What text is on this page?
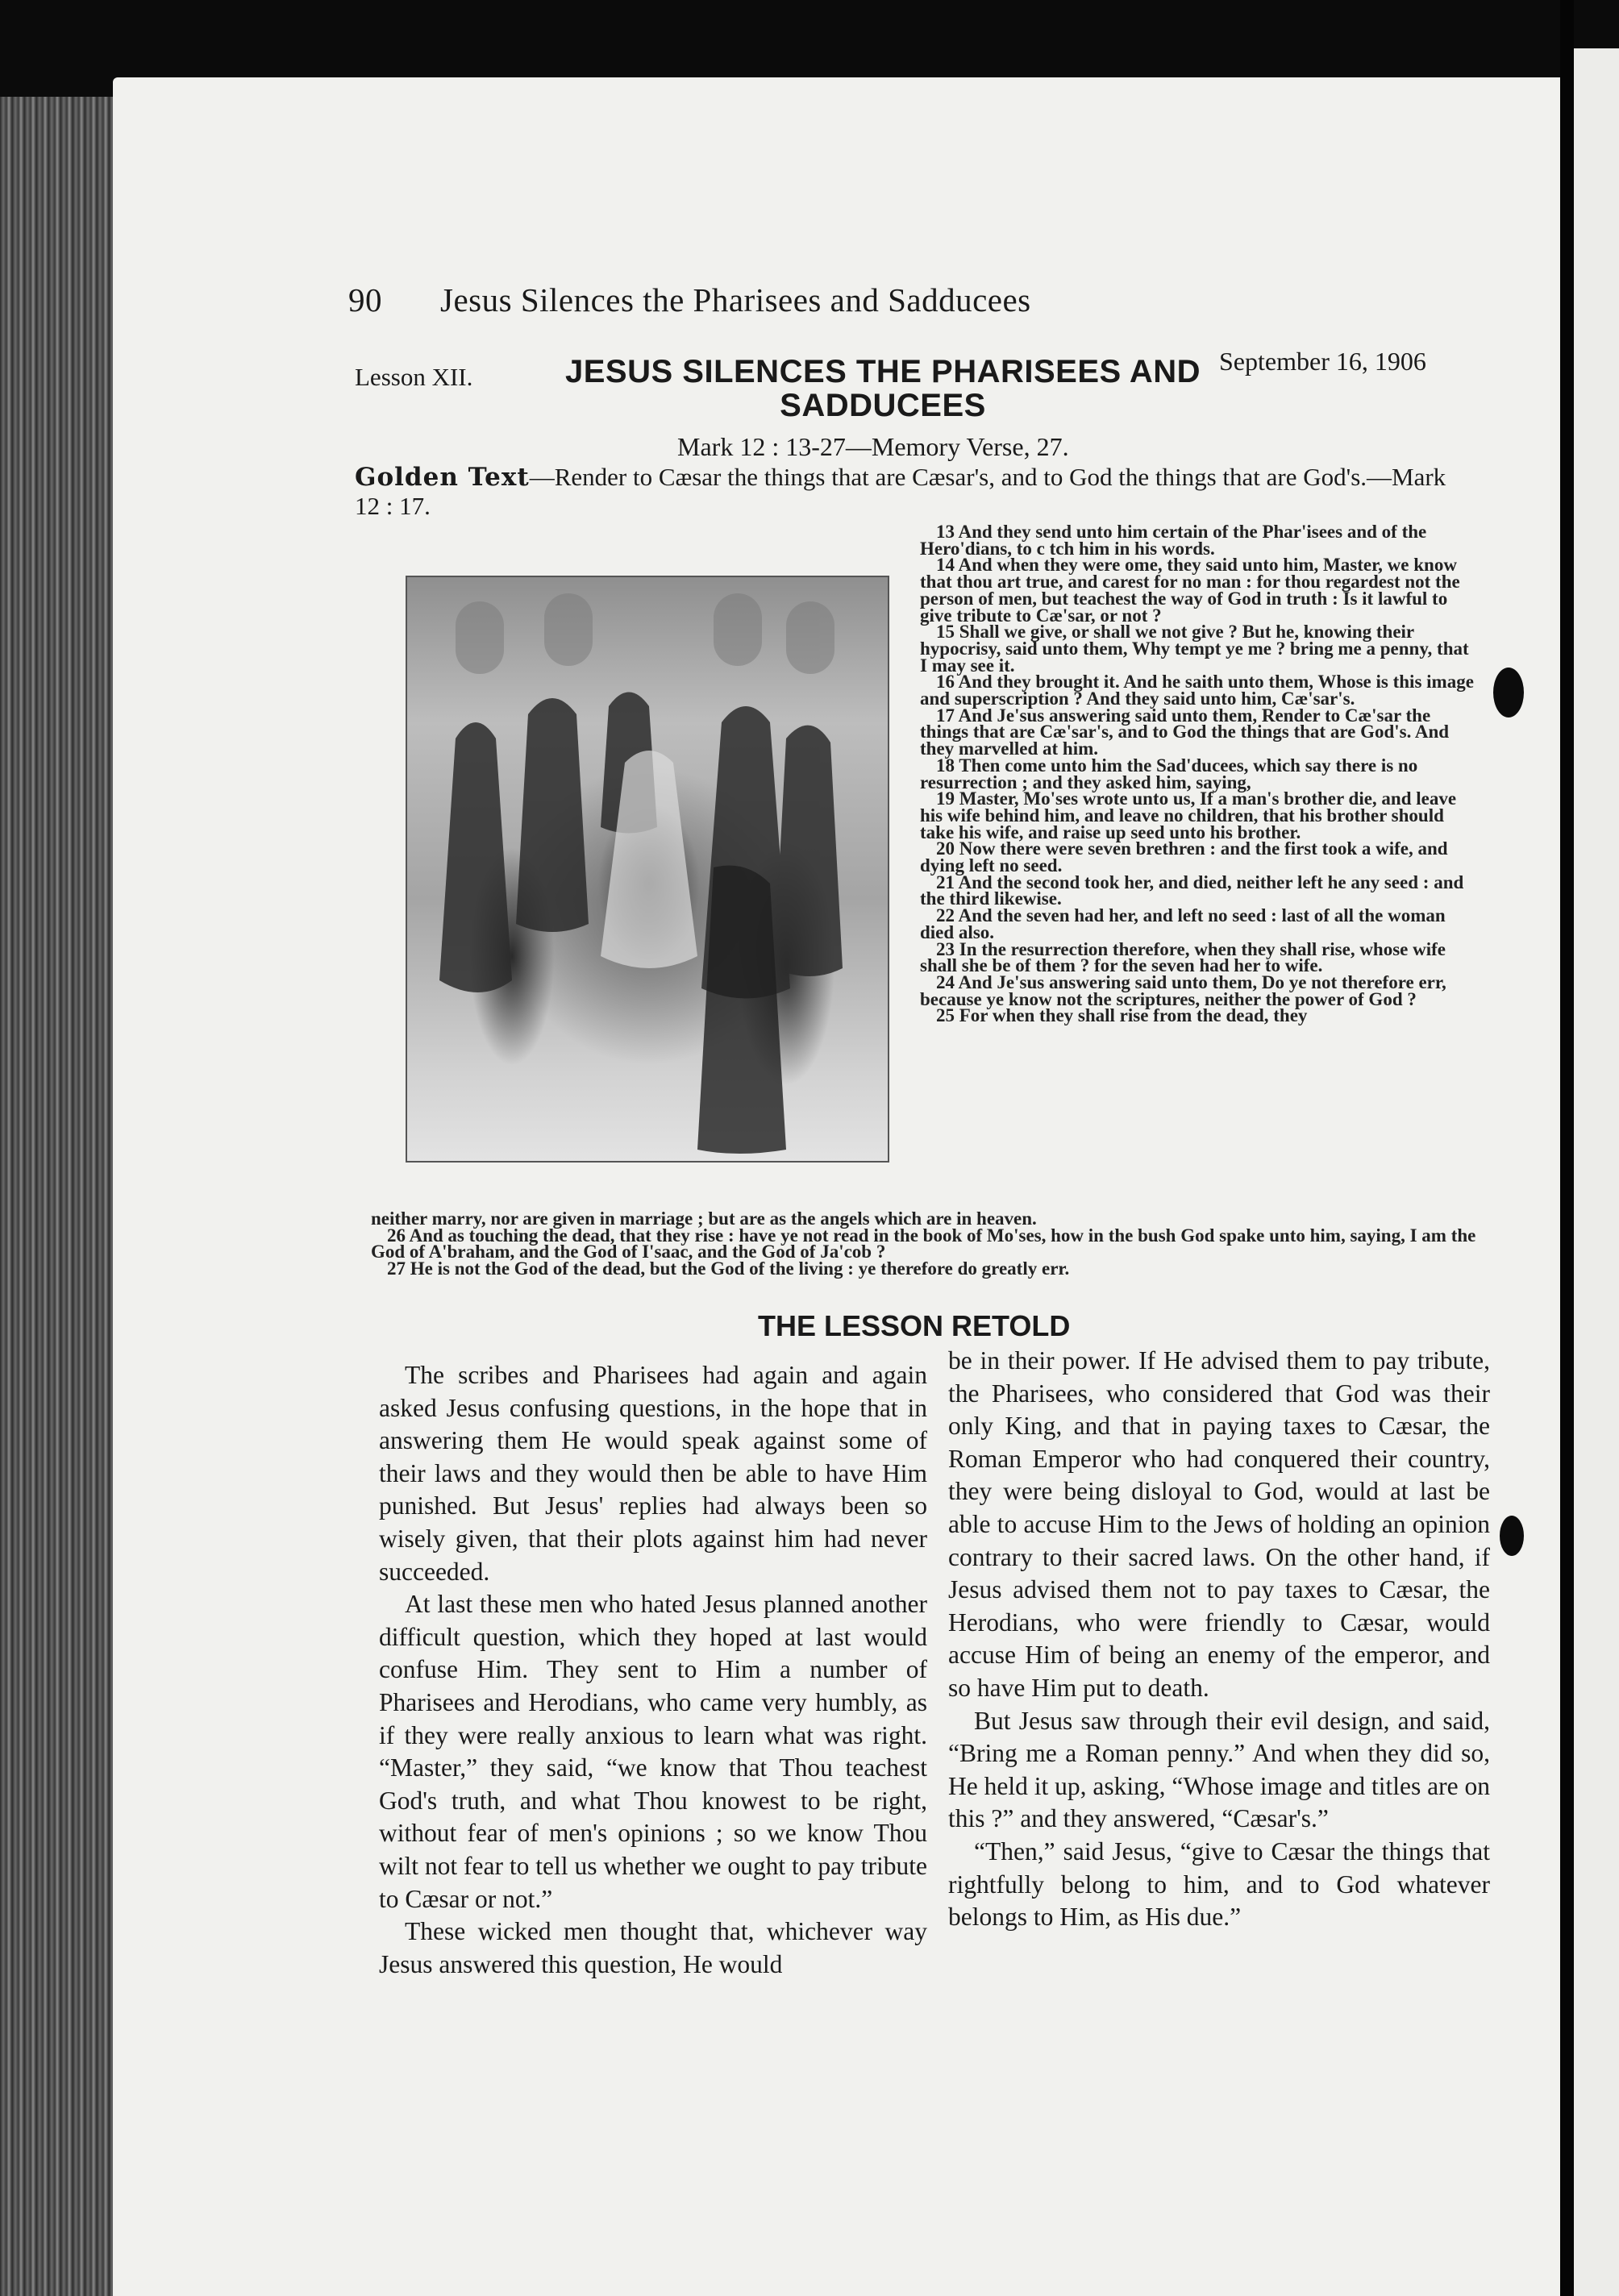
90 Jesus Silences the Pharisees and Sadducees
Lesson XII.	JESUS SILENCES THE PHARISEES AND SADDUCEES
September 16, 1906
Mark 12 : 13-27—Memory Verse, 27.
Golden Text—Render to Cæsar the things that are Cæsar's, and to God the things that are God's.—Mark 12 : 17.

13 And they send unto him certain of the Phar'isees and of the Hero'dians, to c tch him in his words.

14 And when they were ome, they said unto him, Master, we know that thou art true, and carest for no man : for thou regardest not the person of men, but teachest the way of God in truth : Is it lawful to give tribute to Cæ'sar, or not ?

15 Shall we give, or shall we not give ? But he, knowing their hypocrisy, said unto them, Why tempt ye me ? bring me a penny, that I may see it.

16 And they brought it. And he saith unto them, Whose is this image and superscription ? And they said unto him, Cæ'sar's.

17 And Je'sus answering said unto them, Render to Cæ'sar the things that are Cæ'sar's, and to God the things that are God's. And they marvelled at him.

18 Then come unto him the Sad'ducees, which say there is no resurrection ; and they asked him, saying,

19 Master, Mo'ses wrote unto us, If a man's brother die, and leave his wife behind him, and leave no children, that his brother should take his wife, and raise up seed unto his brother.

20 Now there were seven brethren : and the first took a wife, and dying left no seed.

21 And the second took her, and died, neither left he any seed : and the third likewise.

22 And the seven had her, and left no seed : last of all the woman died also.

23 In the resurrection therefore, when they shall rise, whose wife shall she be of them ? for the seven had her to wife.

24 And Je'sus answering said unto them, Do ye not therefore err, because ye know not the scriptures, neither the power of God ?

25 For when they shall rise from the dead, they

neither marry, nor are given in marriage ; but are as the angels which are in heaven.

26 And as touching the dead, that they rise : have ye not read in the book of Mo'ses, how in the bush God spake unto him, saying, I am the God of A'braham, and the God of I'saac, and the God of Ja'cob ?

27 He is not the God of the dead, but the God of the living : ye therefore do greatly err.

THE LESSON RETOLD

The scribes and Pharisees had again and again asked Jesus confusing questions, in the hope that in answering them He would speak against some of their laws and they would then be able to have Him punished. But Jesus' replies had always been so wisely given, that their plots against him had never succeeded.

At last these men who hated Jesus planned another difficult question, which they hoped at last would confuse Him. They sent to Him a number of Pharisees and Herodians, who came very humbly, as if they were really anxious to learn what was right. “Master,” they said, “we know that Thou teachest God's truth, and what Thou knowest to be right, without fear of men's opinions ; so we know Thou wilt not fear to tell us whether we ought to pay tribute to Cæsar or not.”

These wicked men thought that, whichever way Jesus answered this question, He would

be in their power. If He advised them to pay tribute, the Pharisees, who considered that God was their only King, and that in paying taxes to Cæsar, the Roman Emperor who had conquered their country, they were being disloyal to God, would at last be able to accuse Him to the Jews of holding an opinion contrary to their sacred laws. On the other hand, if Jesus advised them not to pay taxes to Cæsar, the Herodians, who were friendly to Cæsar, would accuse Him of being an enemy of the emperor, and so have Him put to death.

But Jesus saw through their evil design, and said, “Bring me a Roman penny.” And when they did so, He held it up, asking, “Whose image and titles are on this ?” and they answered, “Cæsar's.”

“Then,” said Jesus, “give to Cæsar the things that rightfully belong to him, and to God whatever belongs to Him, as His due.”
